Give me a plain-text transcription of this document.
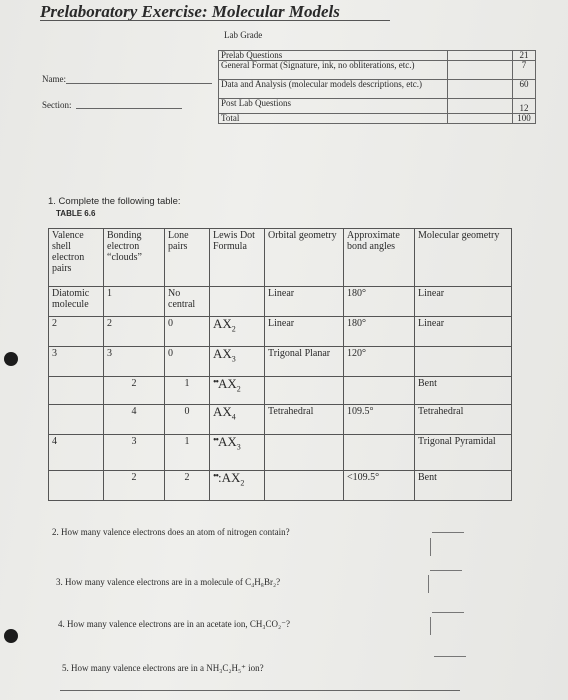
Prelaboratory Exercise: Molecular Models
Lab Grade
Prelab Questions		21
General Format (Signature, ink, no obliterations, etc.)		7
Data and Analysis (molecular models descriptions, etc.)		60
Post Lab Questions		12
Total		100
Name:
Section:
1. Complete the following table:
TABLE 6.6
Valence shell electron pairs	Bonding electron “clouds”	Lone pairs	Lewis Dot Formula	Orbital geometry	Approximate bond angles	Molecular geometry
Diatomic molecule	1	No central		Linear	180°	Linear
2	2	0	$AX_2$	Linear	180°	Linear
3	3	0	$AX_3$	Trigonal Planar	120°	
	2	1	$^{••}AX_2$			Bent
	4	0	$AX_4$	Tetrahedral	109.5°	Tetrahedral
4	3	1	$^{••}AX_3$			Trigonal Pyramidal
	2	2	$^{••}:AX_2$		<109.5°	Bent
2. How many valence electrons does an atom of nitrogen contain?
3. How many valence electrons are in a molecule of C₄H₈Br₂?
4. How many valence electrons are in an acetate ion, CH₃CO₂⁻?
5. How many valence electrons are in a NH₃C₂H₅⁺ ion?
